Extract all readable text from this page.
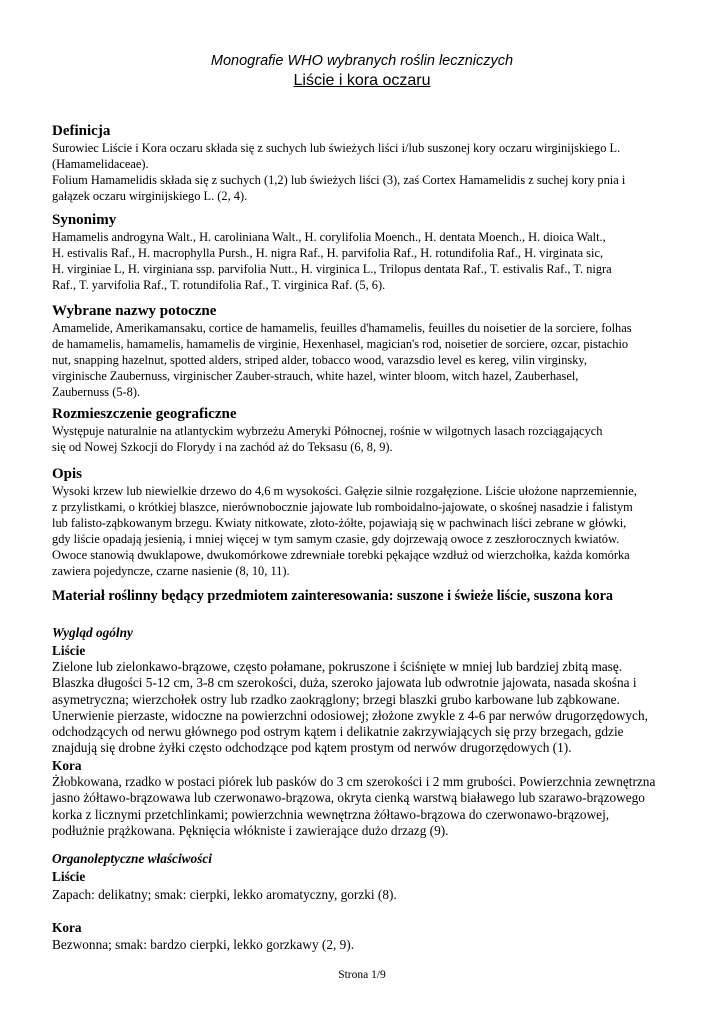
Monografie WHO wybranych roślin leczniczych
Liście i kora oczaru
Definicja
Surowiec Liście i Kora oczaru składa się z suchych lub świeżych liści i/lub suszonej kory oczaru wirginijskiego L.
(Hamamelidaceae).
Folium Hamamelidis składa się z suchych (1,2) lub świeżych liści (3), zaś Cortex Hamamelidis z suchej kory pnia i
gałązek oczaru wirginijskiego L. (2, 4).
Synonimy
Hamamelis androgyna Walt., H. caroliniana Walt., H. corylifolia Moench., H. dentata Moench., H. dioica Walt.,
H. estivalis Raf., H. macrophylla Pursh., H. nigra Raf., H. parvifolia Raf., H. rotundifolia Raf., H. virginata sic,
H. virginiae L, H. virginiana ssp. parvifolia Nutt., H. virginica L., Trilopus dentata Raf., T. estivalis Raf., T. nigra
Raf., T. yarvifolia Raf., T. rotundifolia Raf., T. virginica Raf. (5, 6).
Wybrane nazwy potoczne
Amamelide, Amerikamansaku, cortice de hamamelis, feuilles d'hamamelis, feuilles du noisetier de la sorciere, folhas
de hamamelis, hamamelis, hamamelis de virginie, Hexenhasel, magician's rod, noisetier de sorciere, ozcar, pistachio
nut, snapping hazelnut, spotted alders, striped alder, tobacco wood, varazsdio level es kereg, vilin virginsky,
virginische Zaubernuss, virginischer Zauber-strauch, white hazel, winter bloom, witch hazel, Zauberhasel,
Zaubernuss (5-8).
Rozmieszczenie geograficzne
Występuje naturalnie na atlantyckim wybrzeżu Ameryki Północnej, rośnie w wilgotnych lasach rozciągających
się od Nowej Szkocji do Florydy i na zachód aż do Teksasu (6, 8, 9).
Opis
Wysoki krzew lub niewielkie drzewo do 4,6 m wysokości. Gałęzie silnie rozgałęzione. Liście ułożone naprzemiennie,
z przylistkami, o krótkiej blaszce, nierównobocznie jajowate lub romboidalno-jajowate, o skośnej nasadzie i falistym
lub falisto-ząbkowanym brzegu. Kwiaty nitkowate, złoto-żółte, pojawiają się w pachwinach liści zebrane w główki,
gdy liście opadają jesienią, i mniej więcej w tym samym czasie, gdy dojrzewają owoce z zeszłorocznych kwiatów.
Owoce stanowią dwuklapowe, dwukomórkowe zdrewniałe torebki pękające wzdłuż od wierzchołka, każda komórka
zawiera pojedyncze, czarne nasienie (8, 10, 11).
Materiał roślinny będący przedmiotem zainteresowania: suszone i świeże liście, suszona kora
Wygląd ogólny
Liście
Zielone lub zielonkawo-brązowe, często połamane, pokruszone i ściśnięte w mniej lub bardziej zbitą masę.
Blaszka długości 5-12 cm, 3-8 cm szerokości, duża, szeroko jajowata lub odwrotnie jajowata, nasada skośna i
asymetryczna; wierzchołek ostry lub rzadko zaokrąglony; brzegi blaszki grubo karbowane lub ząbkowane.
Unerwienie pierzaste, widoczne na powierzchni odosiowej; złożone zwykle z 4-6 par nerwów drugorzędowych,
odchodzących od nerwu głównego pod ostrym kątem i delikatnie zakrzywiających się przy brzegach, gdzie
znajdują się drobne żyłki często odchodzące pod kątem prostym od nerwów drugorzędowych (1).
Kora
Żłobkowana, rzadko w postaci piórek lub pasków do 3 cm szerokości i 2 mm grubości. Powierzchnia zewnętrzna
jasno żółtawo-brązowawa lub czerwonawo-brązowa, okryta cienką warstwą białawego lub szarawo-brązowego
korka z licznymi przetchlinkami; powierzchnia wewnętrzna żółtawo-brązowa do czerwonawo-brązowej,
podłużnie prążkowana. Pęknięcia włókniste i zawierające dużo drzazg (9).
Organoleptyczne właściwości
Liście
Zapach: delikatny; smak: cierpki, lekko aromatyczny, gorzki (8).
Kora
Bezwonna; smak: bardzo cierpki, lekko gorzkawy (2, 9).
Strona 1/9
